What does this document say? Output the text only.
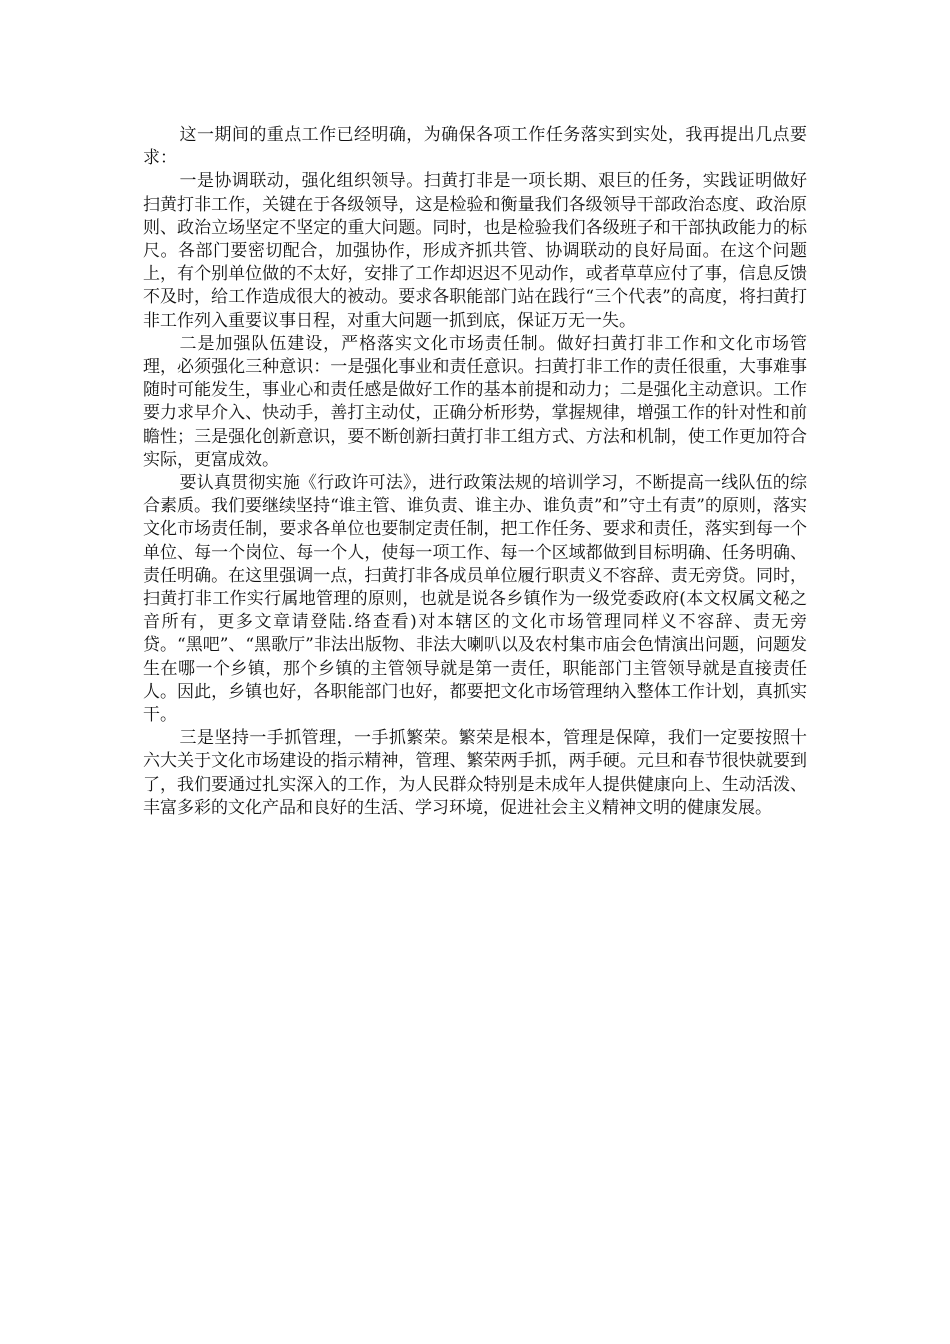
这一期间的重点工作已经明确，为确保各项工作任务落实到实处，我再提出几点要求：

一是协调联动，强化组织领导。扫黄打非是一项长期、艰巨的任务，实践证明做好扫黄打非工作，关键在于各级领导，这是检验和衡量我们各级领导干部政治态度、政治原则、政治立场坚定不坚定的重大问题。同时，也是检验我们各级班子和干部执政能力的标尺。各部门要密切配合，加强协作，形成齐抓共管、协调联动的良好局面。在这个问题上，有个别单位做的不太好，安排了工作却迟迟不见动作，或者草草应付了事，信息反馈不及时，给工作造成很大的被动。要求各职能部门站在践行“三个代表”的高度，将扫黄打非工作列入重要议事日程，对重大问题一抓到底，保证万无一失。

二是加强队伍建设，严格落实文化市场责任制。做好扫黄打非工作和文化市场管理，必须强化三种意识：一是强化事业和责任意识。扫黄打非工作的责任很重，大事难事随时可能发生，事业心和责任感是做好工作的基本前提和动力；二是强化主动意识。工作要力求早介入、快动手，善打主动仗，正确分析形势，掌握规律，增强工作的针对性和前瞻性；三是强化创新意识，要不断创新扫黄打非工组方式、方法和机制，使工作更加符合实际，更富成效。

要认真贯彻实施《行政许可法》，进行政策法规的培训学习，不断提高一线队伍的综合素质。我们要继续坚持“谁主管、谁负责、谁主办、谁负责”和”守土有责”的原则，落实文化市场责任制，要求各单位也要制定责任制，把工作任务、要求和责任，落实到每一个单位、每一个岗位、每一个人，使每一项工作、每一个区域都做到目标明确、任务明确、责任明确。在这里强调一点，扫黄打非各成员单位履行职责义不容辞、责无旁贷。同时，扫黄打非工作实行属地管理的原则，也就是说各乡镇作为一级党委政府(本文权属文秘之音所有，更多文章请登陆.络查看)对本辖区的文化市场管理同样义不容辞、责无旁贷。“黑吧”、“黑歌厅”非法出版物、非法大喇叭以及农村集市庙会色情演出问题，问题发生在哪一个乡镇，那个乡镇的主管领导就是第一责任，职能部门主管领导就是直接责任人。因此，乡镇也好，各职能部门也好，都要把文化市场管理纳入整体工作计划，真抓实干。

三是坚持一手抓管理，一手抓繁荣。繁荣是根本，管理是保障，我们一定要按照十六大关于文化市场建设的指示精神，管理、繁荣两手抓，两手硬。元旦和春节很快就要到了，我们要通过扎实深入的工作，为人民群众特别是未成年人提供健康向上、生动活泼、丰富多彩的文化产品和良好的生活、学习环境，促进社会主义精神文明的健康发展。
